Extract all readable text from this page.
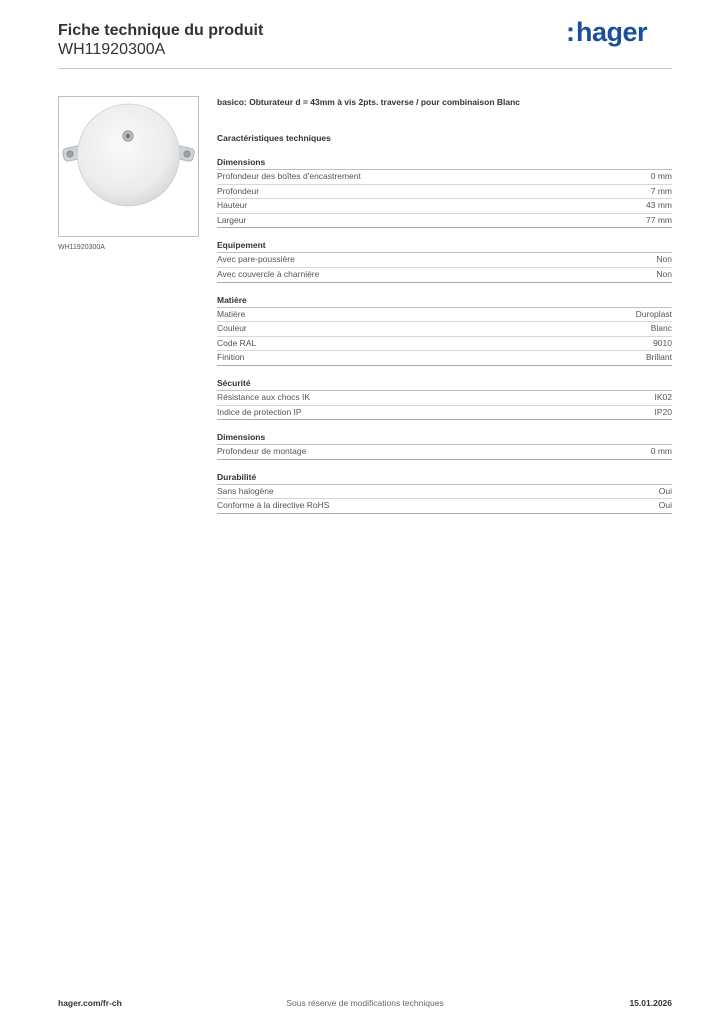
Fiche technique du produit
WH11920300A
:hager
WH11920300A

basico: Obturateur d = 43mm à vis 2pts. traverse / pour combinaison Blanc

Caractéristiques techniques
Dimensions
Profondeur des boîtes d'encastrement	0 mm
Profondeur	7 mm
Hauteur	43 mm
Largeur	77 mm
Equipement
Avec pare-poussière	Non
Avec couvercle à charnière	Non
Matière
Matière	Duroplast
Couleur	Blanc
Code RAL	9010
Finition	Brillant
Sécurité
Résistance aux chocs IK	IK02
Indice de protection IP	IP20
Dimensions
Profondeur de montage	0 mm
Durabilité
Sans halogène	Oui
Conforme à la directive RoHS	Oui
hager.com/fr-ch	Sous réserve de modifications techniques	15.01.2026
